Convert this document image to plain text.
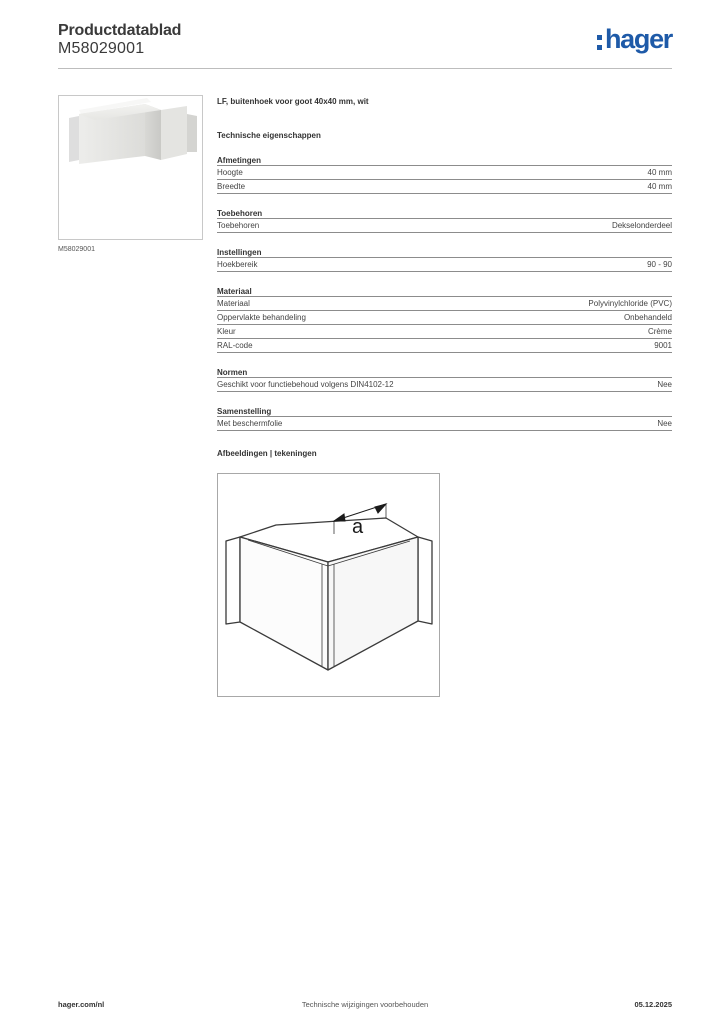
Productdatablad
M58029001	hager
M58029001
LF, buitenhoek voor goot 40x40 mm, wit
Technische eigenschappen
Afmetingen
Hoogte	40 mm
Breedte	40 mm
Toebehoren
Toebehoren	Dekselonderdeel
Instellingen
Hoekbereik	90 - 90
Materiaal
Materiaal	Polyvinylchloride (PVC)
Oppervlakte behandeling	Onbehandeld
Kleur	Crème
RAL-code	9001
Normen
Geschikt voor functiebehoud volgens DIN4102-12	Nee
Samenstelling
Met beschermfolie	Nee
Afbeeldingen | tekeningen
a
hager.com/nl	Technische wijzigingen voorbehouden	05.12.2025
